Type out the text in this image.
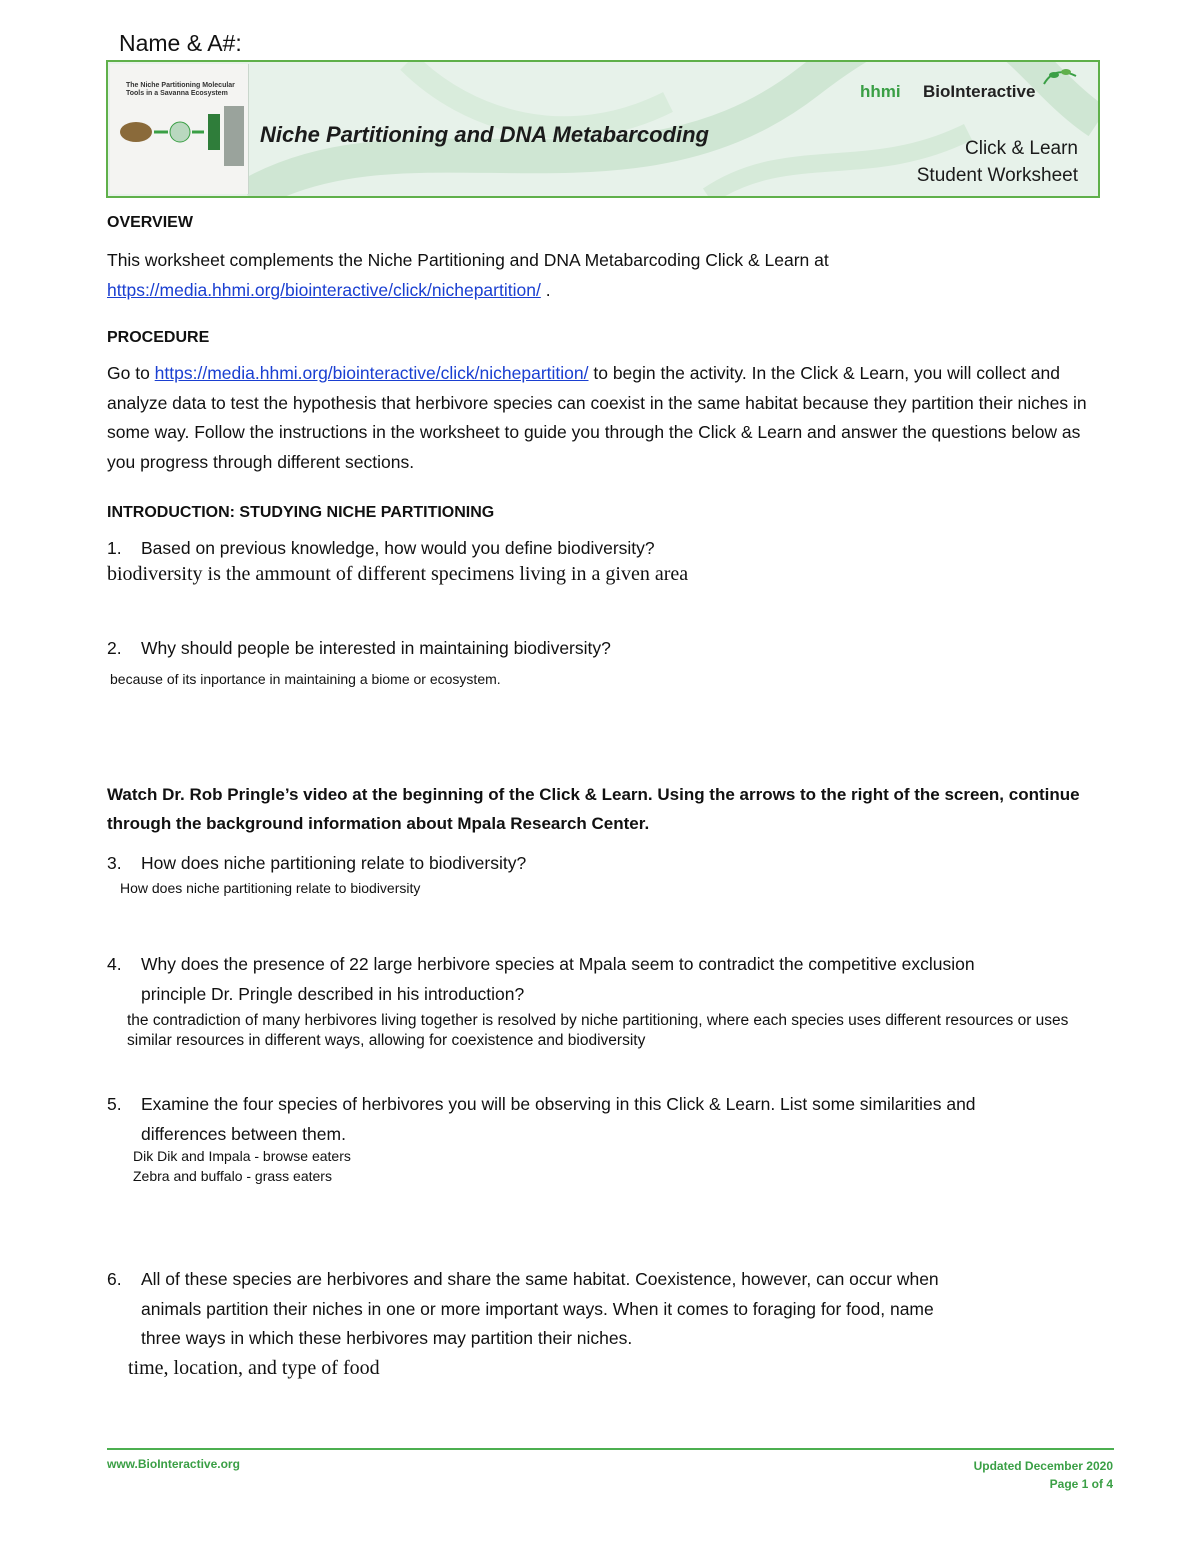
Name & A#:
The Niche Partitioning Molecular Tools in a Savanna Ecosystem
Niche Partitioning and DNA Metabarcoding
hhmi BioInteractive
Click & Learn
Student Worksheet
OVERVIEW
This worksheet complements the Niche Partitioning and DNA Metabarcoding Click & Learn at
https://media.hhmi.org/biointeractive/click/nichepartition/ .
PROCEDURE
Go to https://media.hhmi.org/biointeractive/click/nichepartition/ to begin the activity. In the Click & Learn, you will collect and analyze data to test the hypothesis that herbivore species can coexist in the same habitat because they partition their niches in some way. Follow the instructions in the worksheet to guide you through the Click & Learn and answer the questions below as you progress through different sections.
INTRODUCTION: STUDYING NICHE PARTITIONING
1. Based on previous knowledge, how would you define biodiversity?
biodiversity is the ammount of different specimens living in a given area
2. Why should people be interested in maintaining biodiversity?
because of its inportance in maintaining a biome or ecosystem.
Watch Dr. Rob Pringle’s video at the beginning of the Click & Learn. Using the arrows to the right of the screen, continue through the background information about Mpala Research Center.
3. How does niche partitioning relate to biodiversity?
How does niche partitioning relate to biodiversity
4. Why does the presence of 22 large herbivore species at Mpala seem to contradict the competitive exclusion
principle Dr. Pringle described in his introduction?
the contradiction of many herbivores living together is resolved by niche partitioning, where each species uses different resources or uses similar resources in different ways, allowing for coexistence and biodiversity
5. Examine the four species of herbivores you will be observing in this Click & Learn. List some similarities and
differences between them.
Dik Dik and Impala - browse eaters
Zebra and buffalo - grass eaters
6. All of these species are herbivores and share the same habitat. Coexistence, however, can occur when
animals partition their niches in one or more important ways. When it comes to foraging for food, name
three ways in which these herbivores may partition their niches.
time, location, and type of food
www.BioInteractive.org	Updated December 2020
Page 1 of 4
